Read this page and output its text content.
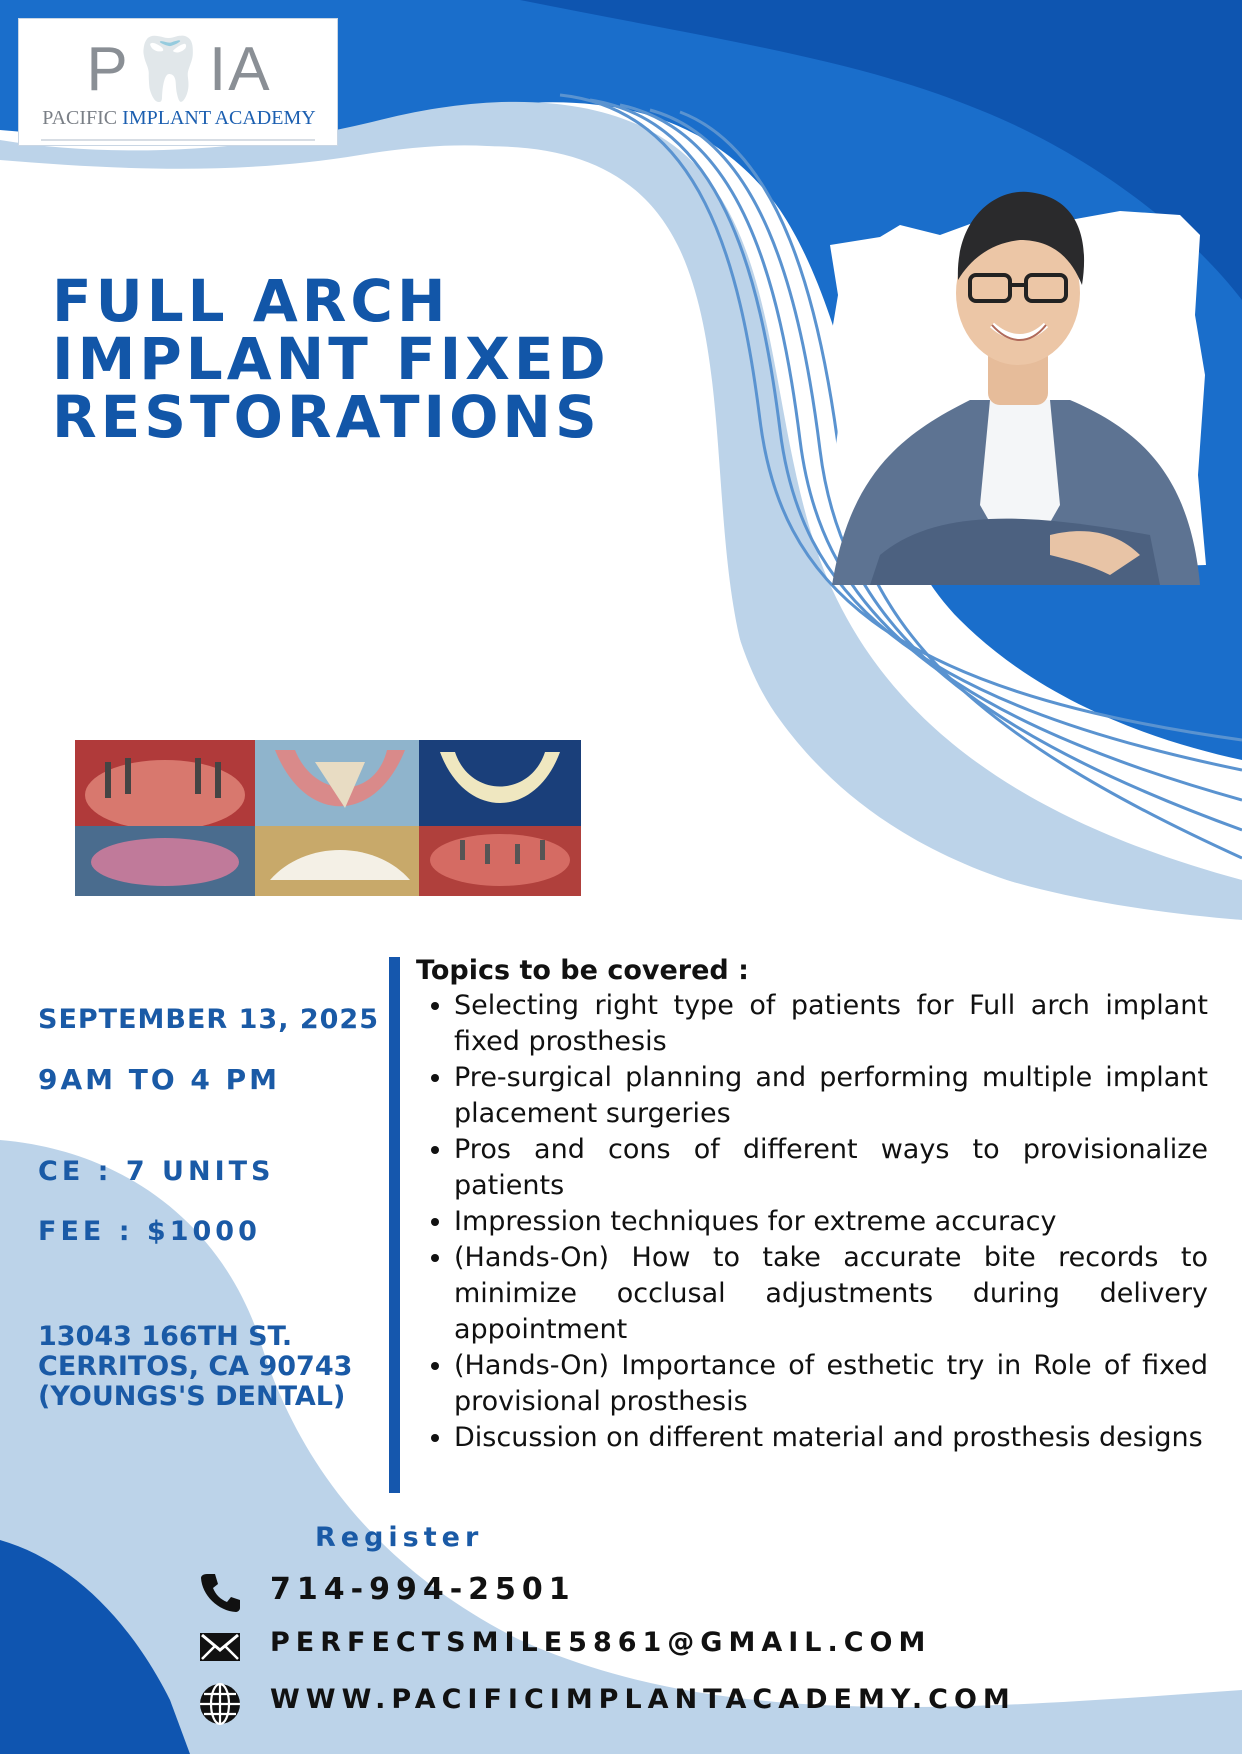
P🦷IA
PACIFIC IMPLANT ACADEMY
FULL ARCH
IMPLANT FIXED
RESTORATIONS
SEPTEMBER 13, 2025
9AM TO 4 PM
CE : 7 UNITS
FEE : $1000
13043 166TH ST.
CERRITOS, CA 90743
(YOUNGS'S DENTAL)
Topics to be covered :
• Selecting right type of patients for Full arch implant fixed prosthesis
• Pre-surgical planning and performing multiple implant placement surgeries
• Pros and cons of different ways to provisionalize patients
• Impression techniques for extreme accuracy
• (Hands-On) How to take accurate bite records to minimize occlusal adjustments during delivery appointment
• (Hands-On) Importance of esthetic try in Role of fixed provisional prosthesis
• Discussion on different material and prosthesis designs
Register
714-994-2501
PERFECTSMILE5861@GMAIL.COM
WWW.PACIFICIMPLANTACADEMY.COM
